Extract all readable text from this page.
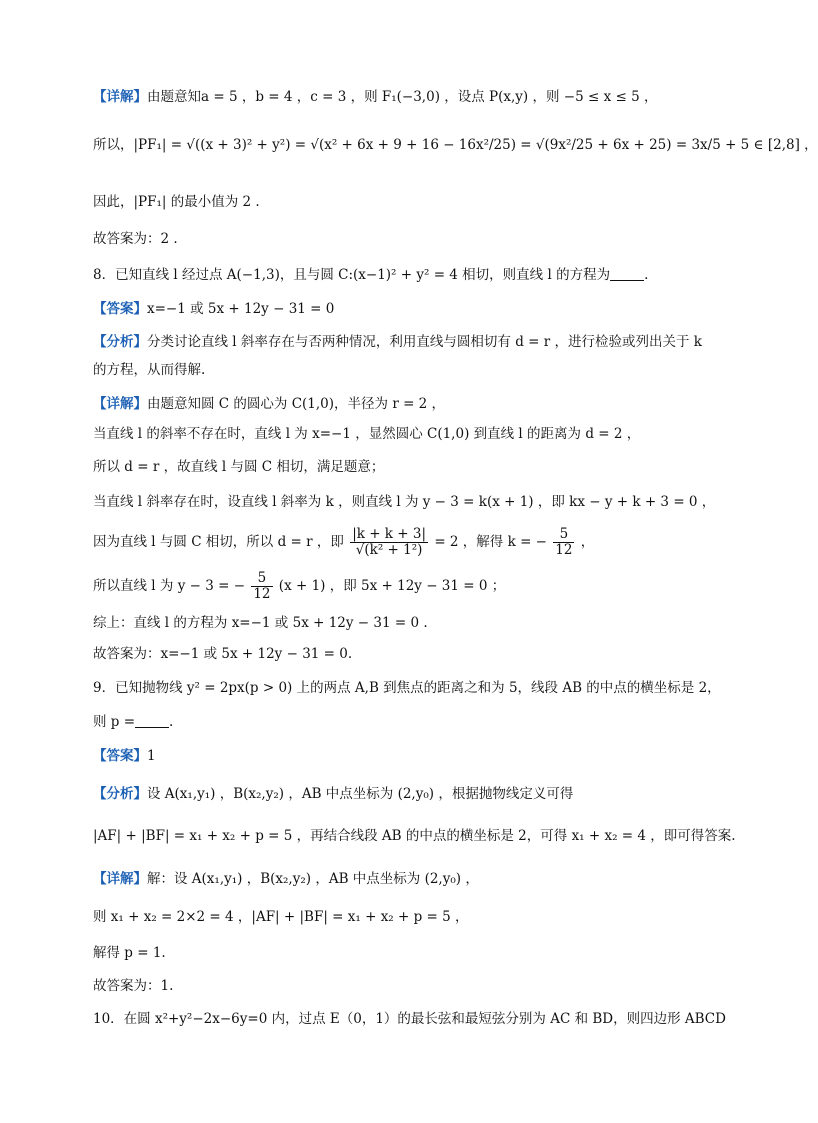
【详解】由题意知a = 5 ，b = 4 ，c = 3 ，则 F₁(−3,0) ，设点 P(x,y) ，则 −5 ≤ x ≤ 5 ，
所以，|PF₁| = √((x + 3)² + y²) = √(x² + 6x + 9 + 16 − 16x²/25) = √(9x²/25 + 6x + 25) = 3x/5 + 5 ∈ [2,8] ，
因此，|PF₁| 的最小值为 2 .
故答案为：2 .
8．已知直线 l 经过点 A(−1,3)，且与圆 C:(x−1)² + y² = 4 相切，则直线 l 的方程为	.
【答案】x=−1 或 5x + 12y − 31 = 0
【分析】分类讨论直线 l 斜率存在与否两种情况，利用直线与圆相切有 d = r ，进行检验或列出关于 k
的方程，从而得解.
【详解】由题意知圆 C 的圆心为 C(1,0)，半径为 r = 2 ，
当直线 l 的斜率不存在时，直线 l 为 x=−1 ，显然圆心 C(1,0) 到直线 l 的距离为 d = 2 ，
所以 d = r ，故直线 l 与圆 C 相切，满足题意；
当直线 l 斜率存在时，设直线 l 斜率为 k ，则直线 l 为 y − 3 = k(x + 1) ，即 kx − y + k + 3 = 0 ，
因为直线 l 与圆 C 相切，所以 d = r ，即 $\frac{|k + k + 3|}{\text{√(k² + 1²)}} = 2$ ，解得 k = − $\frac{5}{12}$ ，
所以直线 l 为 y − 3 = − $\frac{5}{12} (x + 1)$ ，即 5x + 12y − 31 = 0 ；
综上：直线 l 的方程为 x=−1 或 5x + 12y − 31 = 0 .
故答案为：x=−1 或 5x + 12y − 31 = 0.
9．已知抛物线 y² = 2px(p > 0) 上的两点 A,B 到焦点的距离之和为 5，线段 AB 的中点的横坐标是 2，
则 p =	.
【答案】1
【分析】设 A(x₁,y₁) ，B(x₂,y₂) ，AB 中点坐标为 (2,y₀) ，根据抛物线定义可得
|AF| + |BF| = x₁ + x₂ + p = 5 ，再结合线段 AB 的中点的横坐标是 2，可得 x₁ + x₂ = 4 ，即可得答案.
【详解】解：设 A(x₁,y₁) ，B(x₂,y₂) ，AB 中点坐标为 (2,y₀) ，
则 x₁ + x₂ = 2×2 = 4 ，|AF| + |BF| = x₁ + x₂ + p = 5 ，
解得 p = 1.
故答案为：1.
10．在圆 x²+y²−2x−6y=0 内，过点 E（0，1）的最长弦和最短弦分别为 AC 和 BD，则四边形 ABCD
